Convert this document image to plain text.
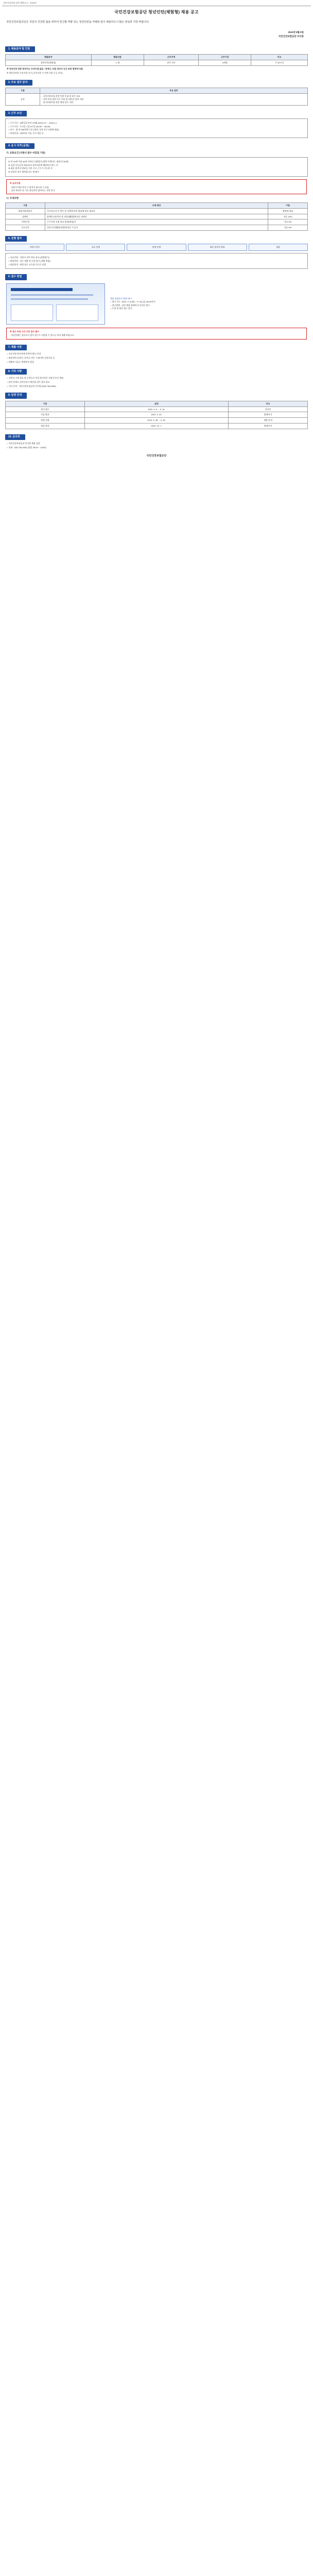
국민건강보험 공단 채용공고 - 2022년
국민건강보험공단 청년인턴(체험형) 채용 공고
국민건강보험공단은 국민의 건강한 삶을 위하여 헌신할 역량 있는 청년인턴을 아래와 같이 채용하오니 많은 관심과 지원 바랍니다.
2022년 9월 5일
국민건강보험공단 이사장
1. 채용분야 및 인원
채용분야	채용인원	근무지역	근무기간	비고
청년인턴(체험형)	○○명	전국 지사	4개월	주 40시간
※ 청년인턴 최종 합격자는 우대가점 없음 / 장애인, 보훈 대상자 등은 관련 법령에 따름
※ 채용분야별 중복지원 불가 (중복지원 시 전체 지원 무효 처리)
2. 주요 업무 분야
구분	주요 업무
공통	- 국민건강보험 관련 민원 응대 및 업무 보조
- 자격·부과 관련 사무 처리 및 데이터 입력 지원
- 장기요양보험 관련 행정 업무 지원
3. 근무 조건

○ 근무기간 : 임용일로부터 4개월 (2022.10. ~ 2023.1.)

○ 근무시간 : 주 5일, 1일 8시간 (09:00 ~ 18:00)

○ 보수 : 월 약 180만원 수준 (세전, 공단 보수규정에 따름)

○ 복리후생 : 4대보험 가입, 중식 제공 등

4. 응시 자격 (공통)
가. 공통요건 (지원서 접수 마감일 기준)

① 만 15세 이상 34세 이하인 미취업자 (병역 이행자는 최대 만 39세)

② 공단 인사규정 제11조의 결격사유에 해당하지 않는 자

③ 최종 합격자 발표일 이후 즉시 근무가 가능한 자

④ 남성의 경우 병역필 또는 면제자

※ 유의사항
- 지원서 허위 작성 시 합격이 취소될 수 있음
- 공단 재직자 및 기존 청년인턴 참여자는 지원 불가
나. 우대사항
구분	우대 대상	가점
취업지원대상자	국가유공자 등 예우 및 지원에 관한 법률에 따른 대상자	법령에 따름
장애인	장애인고용촉진 및 직업재활법에 따른 장애인	서류 10%
지역인재	근무지역 소재 학교 졸업(예정)자	서류 5%
저소득층	국민기초생활보장법에 따른 수급자	서류 5%
5. 전형 절차
지원서 접수	서류 전형	면접 전형	최종 합격자 발표	임용

○ 서류전형 : 지원서 적격 여부 심사 (정량평가)

○ 면접전형 : 직무 역량 및 인성 평가 (개별 면접)

○ 최종합격 : 면접 점수 고득점 순으로 선발

6. 접수 방법
채용 홈페이지 화면 예시
○ 접수기간 : 2022. 9. 5.(월) ~ 9. 16.(금) 18:00까지
○ 접수방법 : 공단 채용 홈페이지 온라인 접수
○ 우편 및 방문 접수 불가
※ 접수 마감 시간 이후 접수 불가
- 마감일에는 접속자가 많아 접수가 지연될 수 있으니 미리 제출 바랍니다.
7. 제출 서류

○ 서류전형 합격자에 한하여 별도 안내

○ 최종학력 증명서, 자격증 사본, 우대사항 증빙서류 등

○ 제출된 서류는 반환하지 않음

8. 기타 사항

○ 지원서 기재 착오 및 누락으로 인한 불이익은 지원자 본인 책임

○ 합격 후에도 결격사유가 확인될 경우 합격 취소

○ 기타 문의 : 국민건강보험공단 인사팀 (033-736-0000)

9. 일정 안내
구분	일정	비고
원서 접수	2022. 9. 5. ~ 9. 16.	온라인
서류 발표	2022. 9. 23.	홈페이지
면접 전형	2022. 9. 28. ~ 9. 30.	개별 안내
최종 발표	2022. 10. 7.	홈페이지
10. 문의처

○ 국민건강보험공단 인사팀 채용 담당

○ 전화 : 033-736-0000 (평일 09:00 ~ 18:00)

국민건강보험공단
